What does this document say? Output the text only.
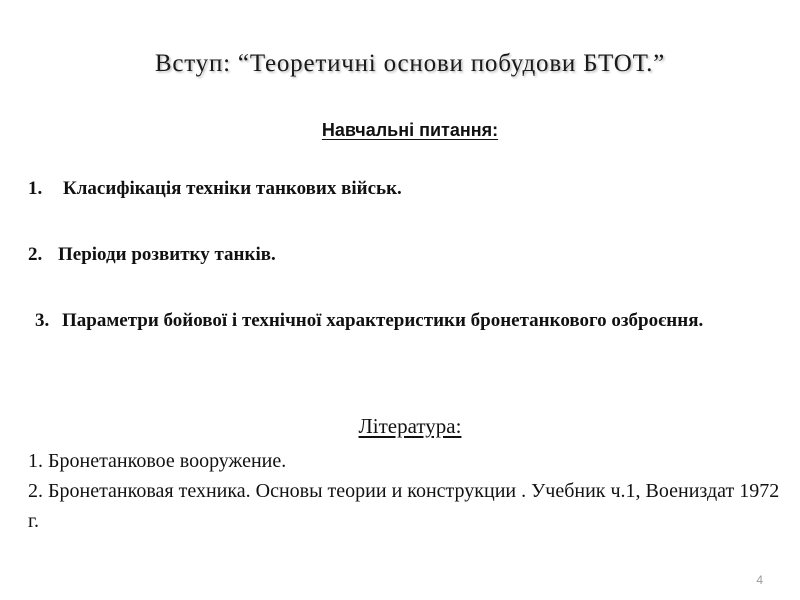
Вступ: “Теоретичні основи побудови БТОТ.”
Навчальні питання:
1. Класифікація техніки танкових військ.
2. Періоди розвитку танків.
3. Параметри бойової і технічної характеристики бронетанкового озброєння.
Література:
1. Бронетанковое вооружение.
2. Бронетанковая техника. Основы теории и конструкции . Учебник ч.1, Воениздат 1972 г.
4
